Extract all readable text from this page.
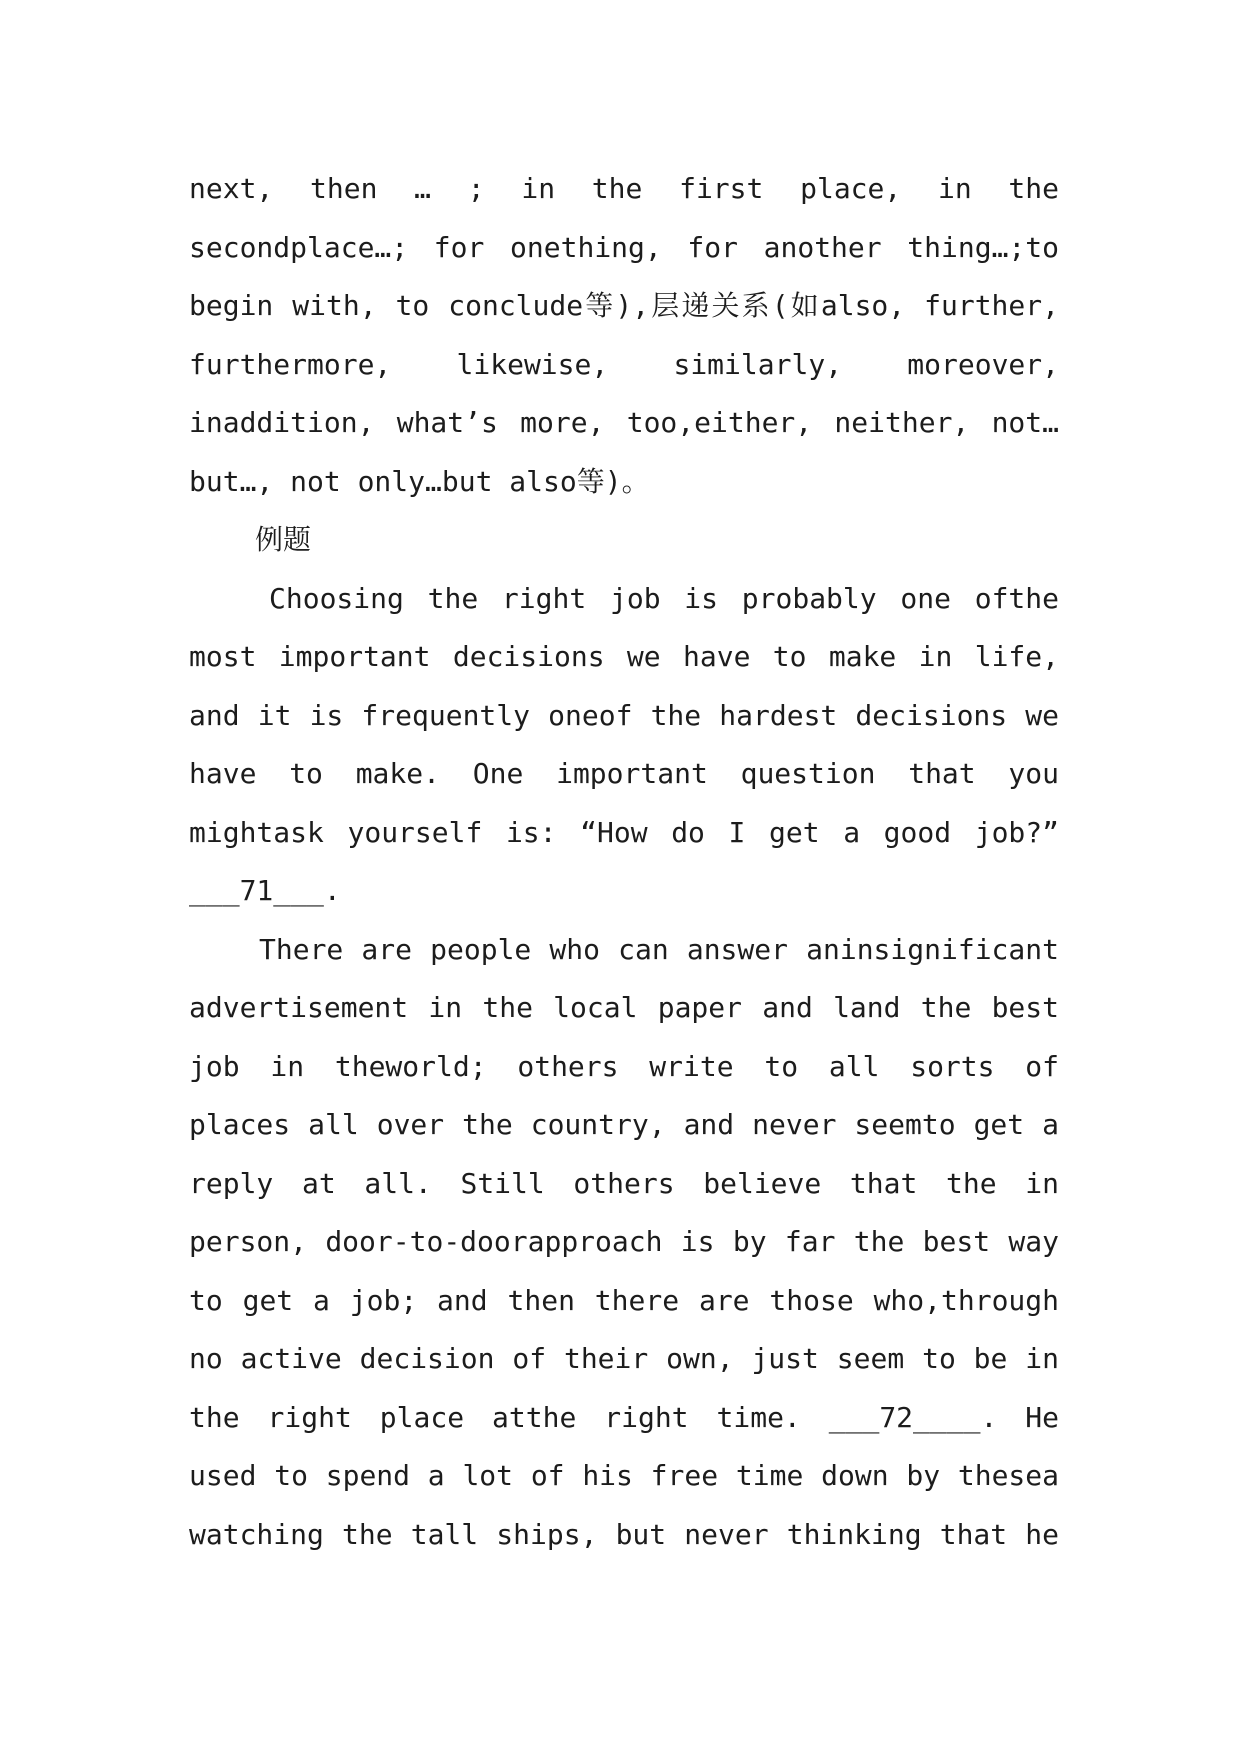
next, then … ; in the first place, in the
secondplace…; for onething, for another thing…;to
begin with, to conclude等),层递关系(如also, further,
furthermore, likewise, similarly, moreover,
inaddition, what’s more, too,either, neither, not…
but…, not only…but also等)。
例题
Choosing the right job is probably one ofthe
most important decisions we have to make in life,
and it is frequently oneof the hardest decisions we
have to make. One important question that you
mightask yourself is: “How do I get a good job?”
___71___.
There are people who can answer aninsignificant
advertisement in the local paper and land the best
job in theworld; others write to all sorts of
places all over the country, and never seemto get a
reply at all. Still others believe that the in
person, door-to-doorapproach is by far the best way
to get a job; and then there are those who,through
no active decision of their own, just seem to be in
the right place atthe right time. ___72____. He
used to spend a lot of his free time down by thesea
watching the tall ships, but never thinking that he
